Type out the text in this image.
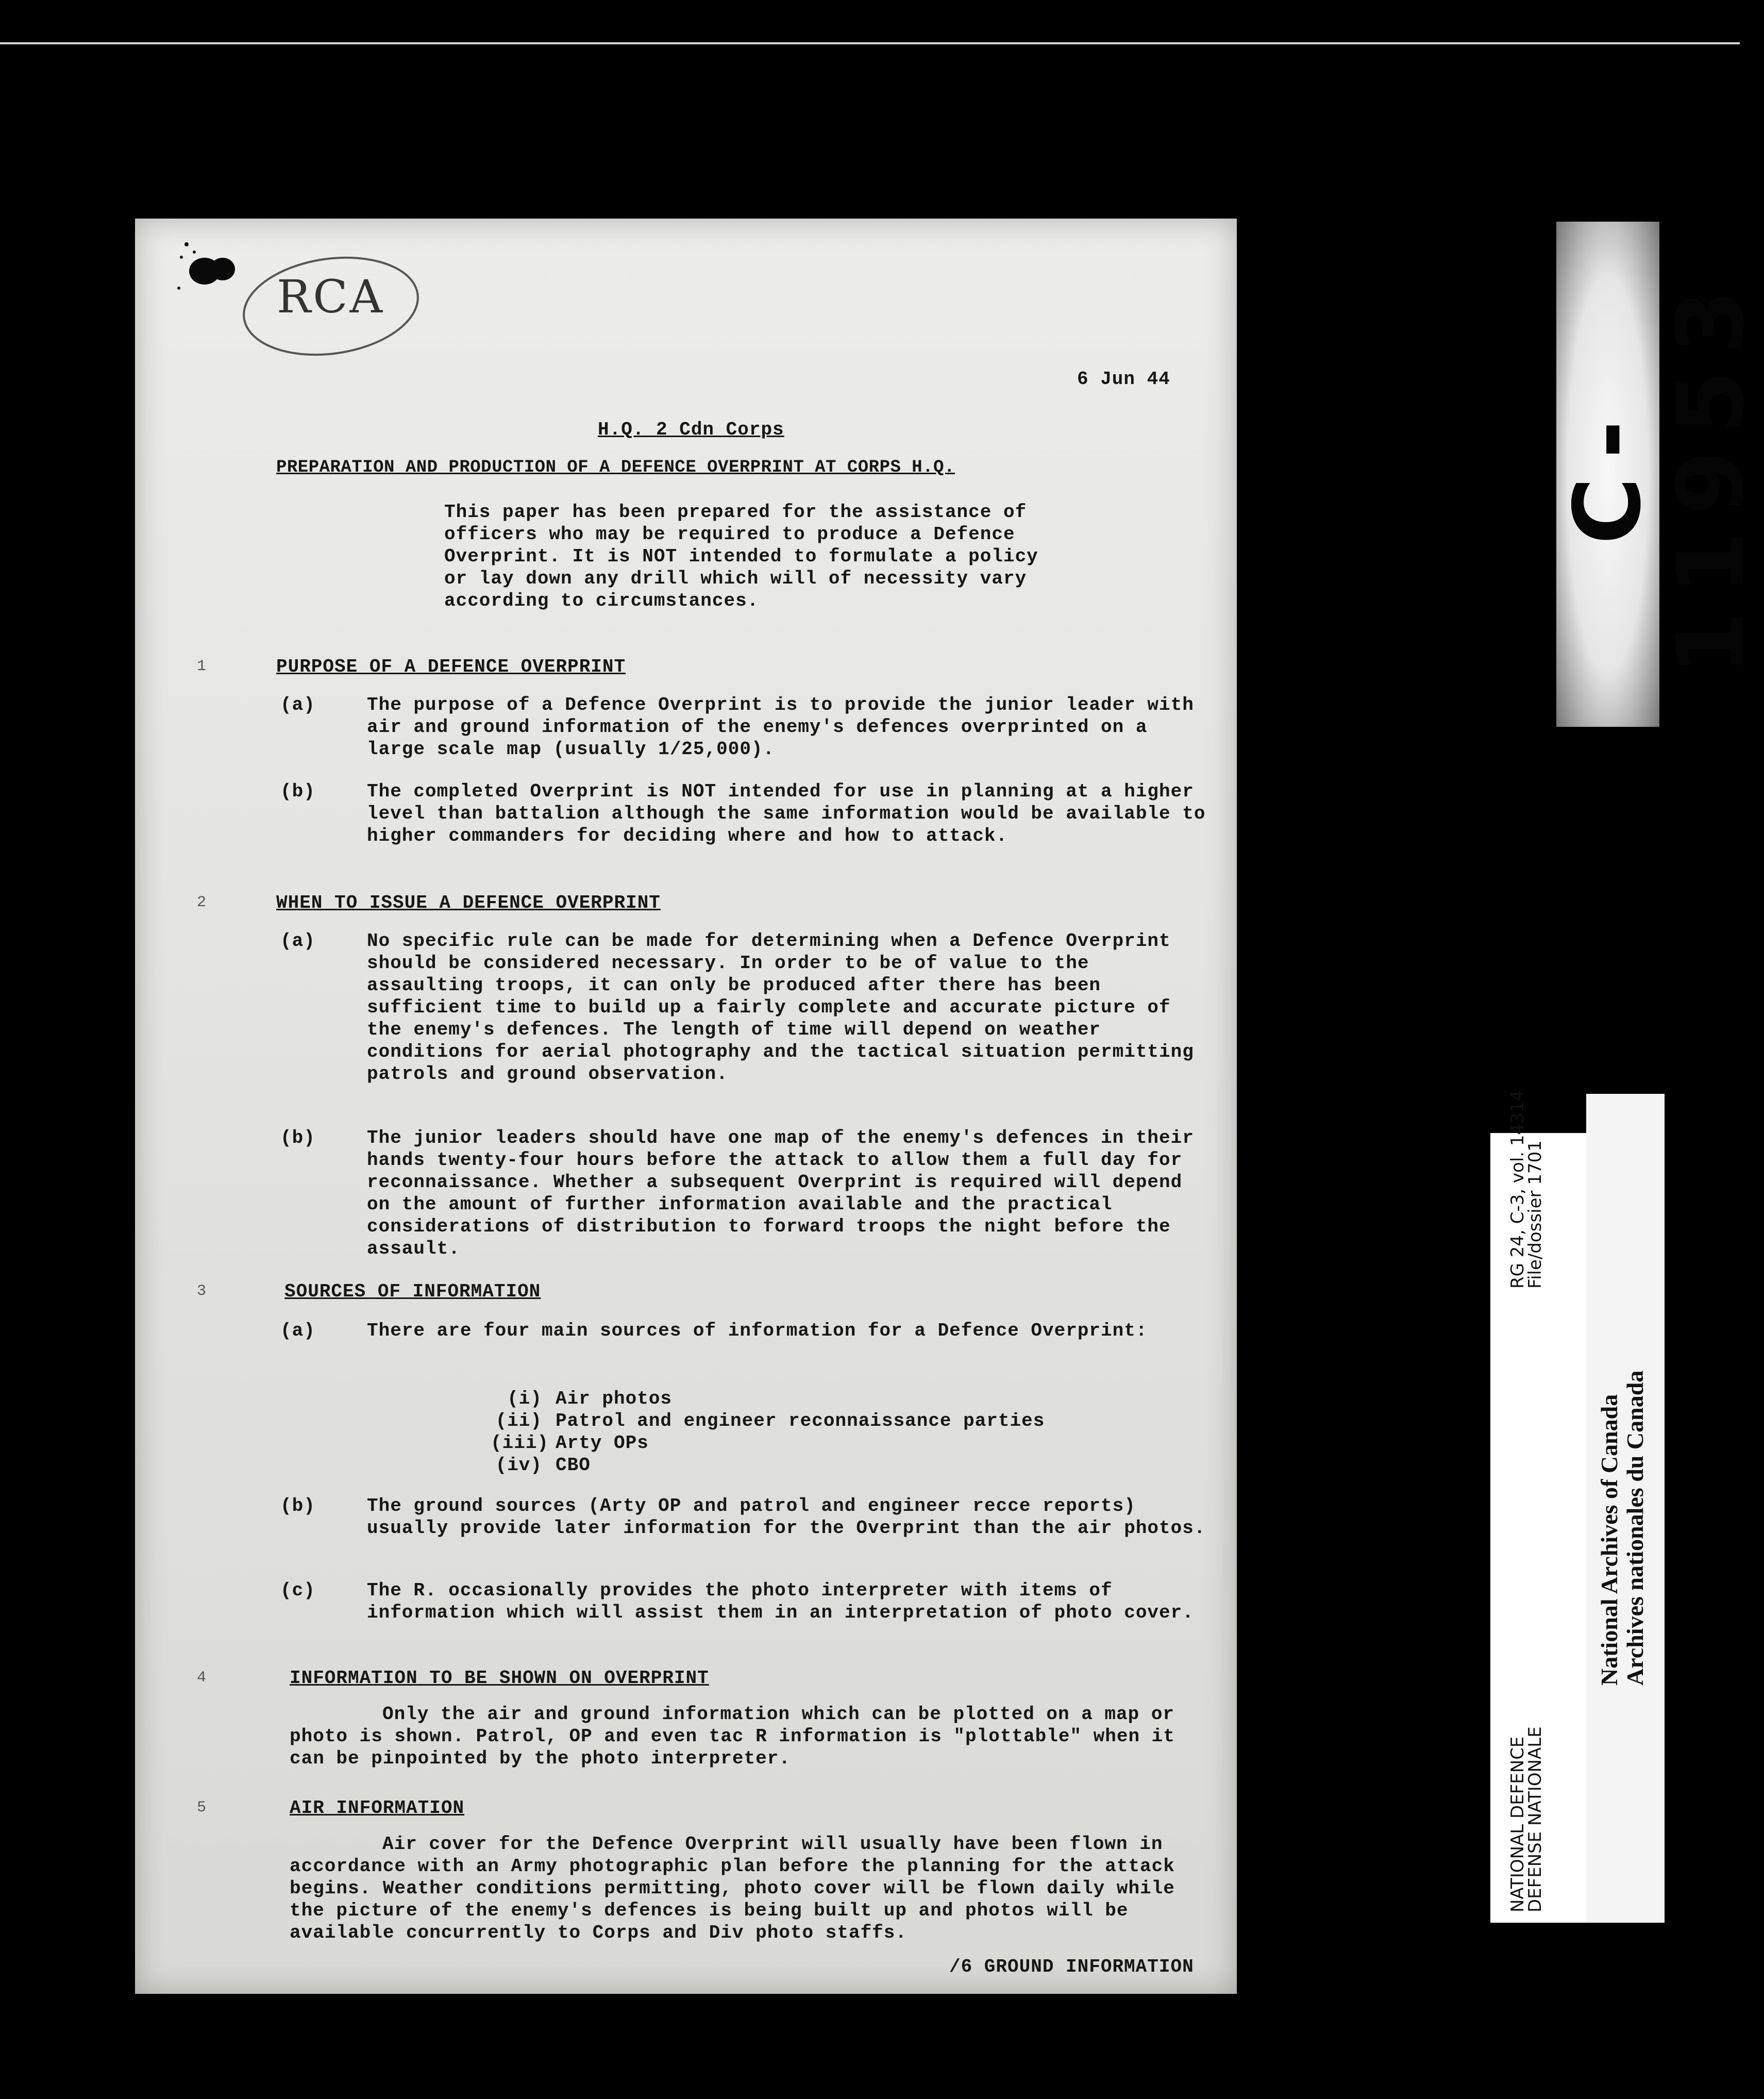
RCA
6 Jun 44
H.Q. 2 Cdn Corps
PREPARATION AND PRODUCTION OF A DEFENCE OVERPRINT AT CORPS H.Q.
This paper has been prepared for the assistance of officers who may be required to produce a Defence Overprint. It is NOT intended to formulate a policy or lay down any drill which will of necessity vary according to circumstances.
1	PURPOSE OF A DEFENCE OVERPRINT
(a)	The purpose of a Defence Overprint is to provide the junior leader with air and ground information of the enemy's defences overprinted on a large scale map (usually 1/25,000).
(b)	The completed Overprint is NOT intended for use in planning at a higher level than battalion although the same information would be available to higher commanders for deciding where and how to attack.
2	WHEN TO ISSUE A DEFENCE OVERPRINT
(a)	No specific rule can be made for determining when a Defence Overprint should be considered necessary. In order to be of value to the assaulting troops, it can only be produced after there has been sufficient time to build up a fairly complete and accurate picture of the enemy's defences. The length of time will depend on weather conditions for aerial photography and the tactical situation permitting patrols and ground observation.
(b)	The junior leaders should have one map of the enemy's defences in their hands twenty-four hours before the attack to allow them a full day for reconnaissance. Whether a subsequent Overprint is required will depend on the amount of further information available and the practical considerations of distribution to forward troops the night before the assault.
3	SOURCES OF INFORMATION
(a)	There are four main sources of information for a Defence Overprint:
(i) Air photos
(ii) Patrol and engineer reconnaissance parties
(iii) Arty OPs
(iv) CBO
(b)	The ground sources (Arty OP and patrol and engineer recce reports) usually provide later information for the Overprint than the air photos.
(c)	The R. occasionally provides the photo interpreter with items of information which will assist them in an interpretation of photo cover.
4	INFORMATION TO BE SHOWN ON OVERPRINT
Only the air and ground information which can be plotted on a map or photo is shown. Patrol, OP and even tac R information is "plottable" when it can be pinpointed by the photo interpreter.
5	AIR INFORMATION
Air cover for the Defence Overprint will usually have been flown in accordance with an Army photographic plan before the planning for the attack begins. Weather conditions permitting, photo cover will be flown daily while the picture of the enemy's defences is being built up and photos will be available concurrently to Corps and Div photo staffs.
/6 GROUND INFORMATION
C-11953
RG 24, C-3, vol. 14314
File/dossier 1701
NATIONAL DEFENCE
DEFENSE NATIONALE
National Archives of Canada Archives nationales du Canada
